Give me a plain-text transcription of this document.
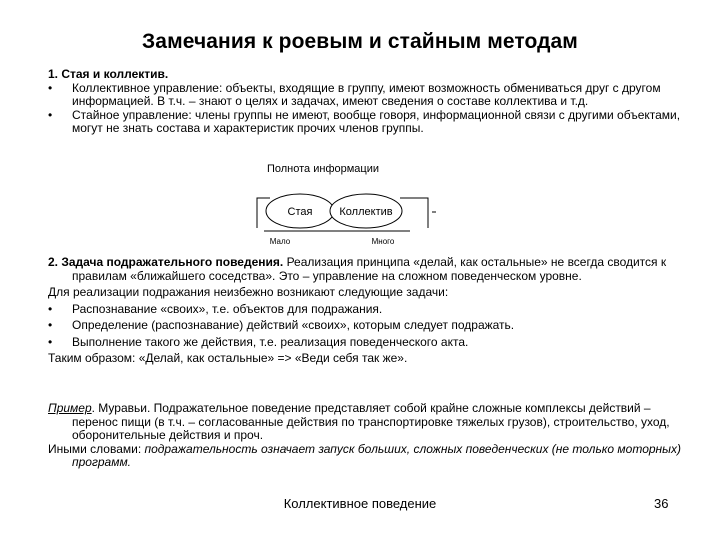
Замечания к роевым и стайным методам

1. Стая и коллектив.

• Коллективное управление: объекты, входящие в группу, имеют возможность обмениваться друг с другом информацией. В т.ч. – знают о целях и задачах, имеют сведения о составе коллектива и т.д.

• Стайное управление: члены группы не имеют, вообще говоря, информационной связи с другими объектами, могут не знать состава и характеристик прочих членов группы.

Полнота информации
Стая Коллектив
Мало	Много

2. Задача подражательного поведения. Реализация принципа «делай, как остальные» не всегда сводится к правилам «ближайшего соседства». Это – управление на сложном поведенческом уровне.

Для реализации подражания неизбежно возникают следующие задачи:

• Распознавание «своих», т.е. объектов для подражания.

• Определение (распознавание) действий «своих», которым следует подражать.

• Выполнение такого же действия, т.е. реализация поведенческого акта.

Таким образом: «Делай, как остальные» => «Веди себя так же».

Пример. Муравьи. Подражательное поведение представляет собой крайне сложные комплексы действий – перенос пищи (в т.ч. – согласованные действия по транспортировке тяжелых грузов), строительство, уход, оборонительные действия и проч.

Иными словами: подражательность означает запуск больших, сложных поведенческих (не только моторных) программ.

Коллективное поведение	36
